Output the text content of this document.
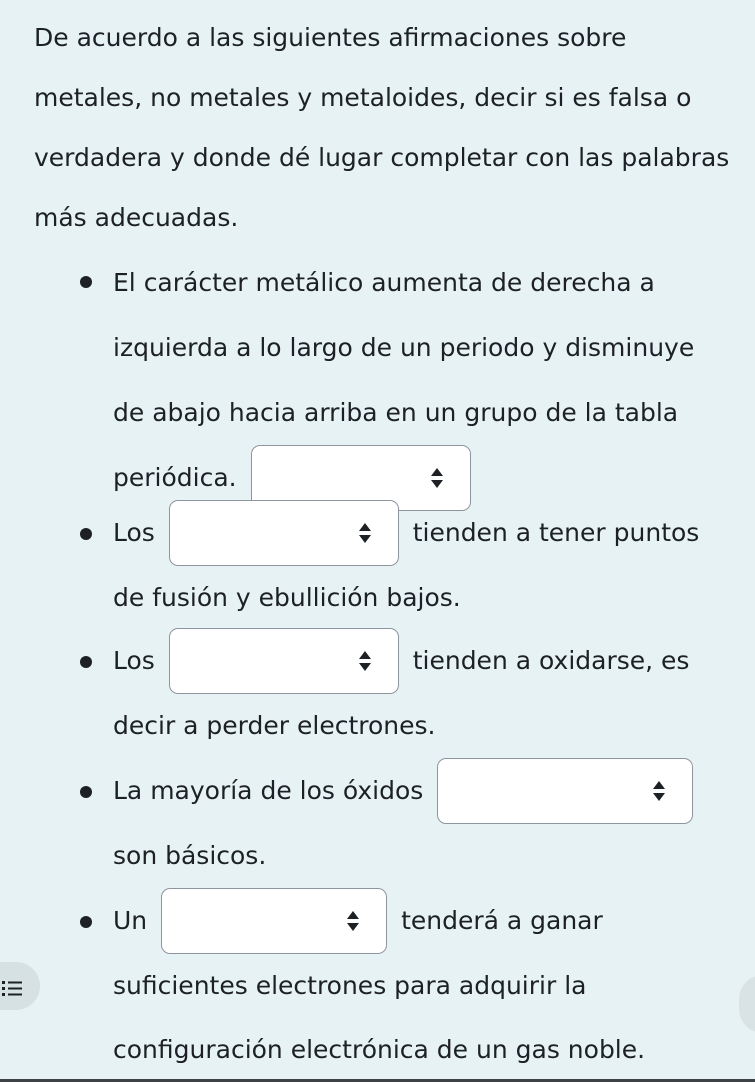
De acuerdo a las siguientes afirmaciones sobre metales, no metales y metaloides, decir si es falsa o verdadera y donde dé lugar completar con las palabras más adecuadas.

El carácter metálico aumenta de derecha a izquierda a lo largo de un periodo y disminuye de abajo hacia arriba en un grupo de la tabla periódica.

Los	tienden a tener puntos
de fusión y ebullición bajos.

Los	tienden a oxidarse, es
decir a perder electrones.

La mayoría de los óxidos

son básicos.

Un	tenderá a ganar
suficientes electrones para adquirir la
configuración electrónica de un gas noble.
